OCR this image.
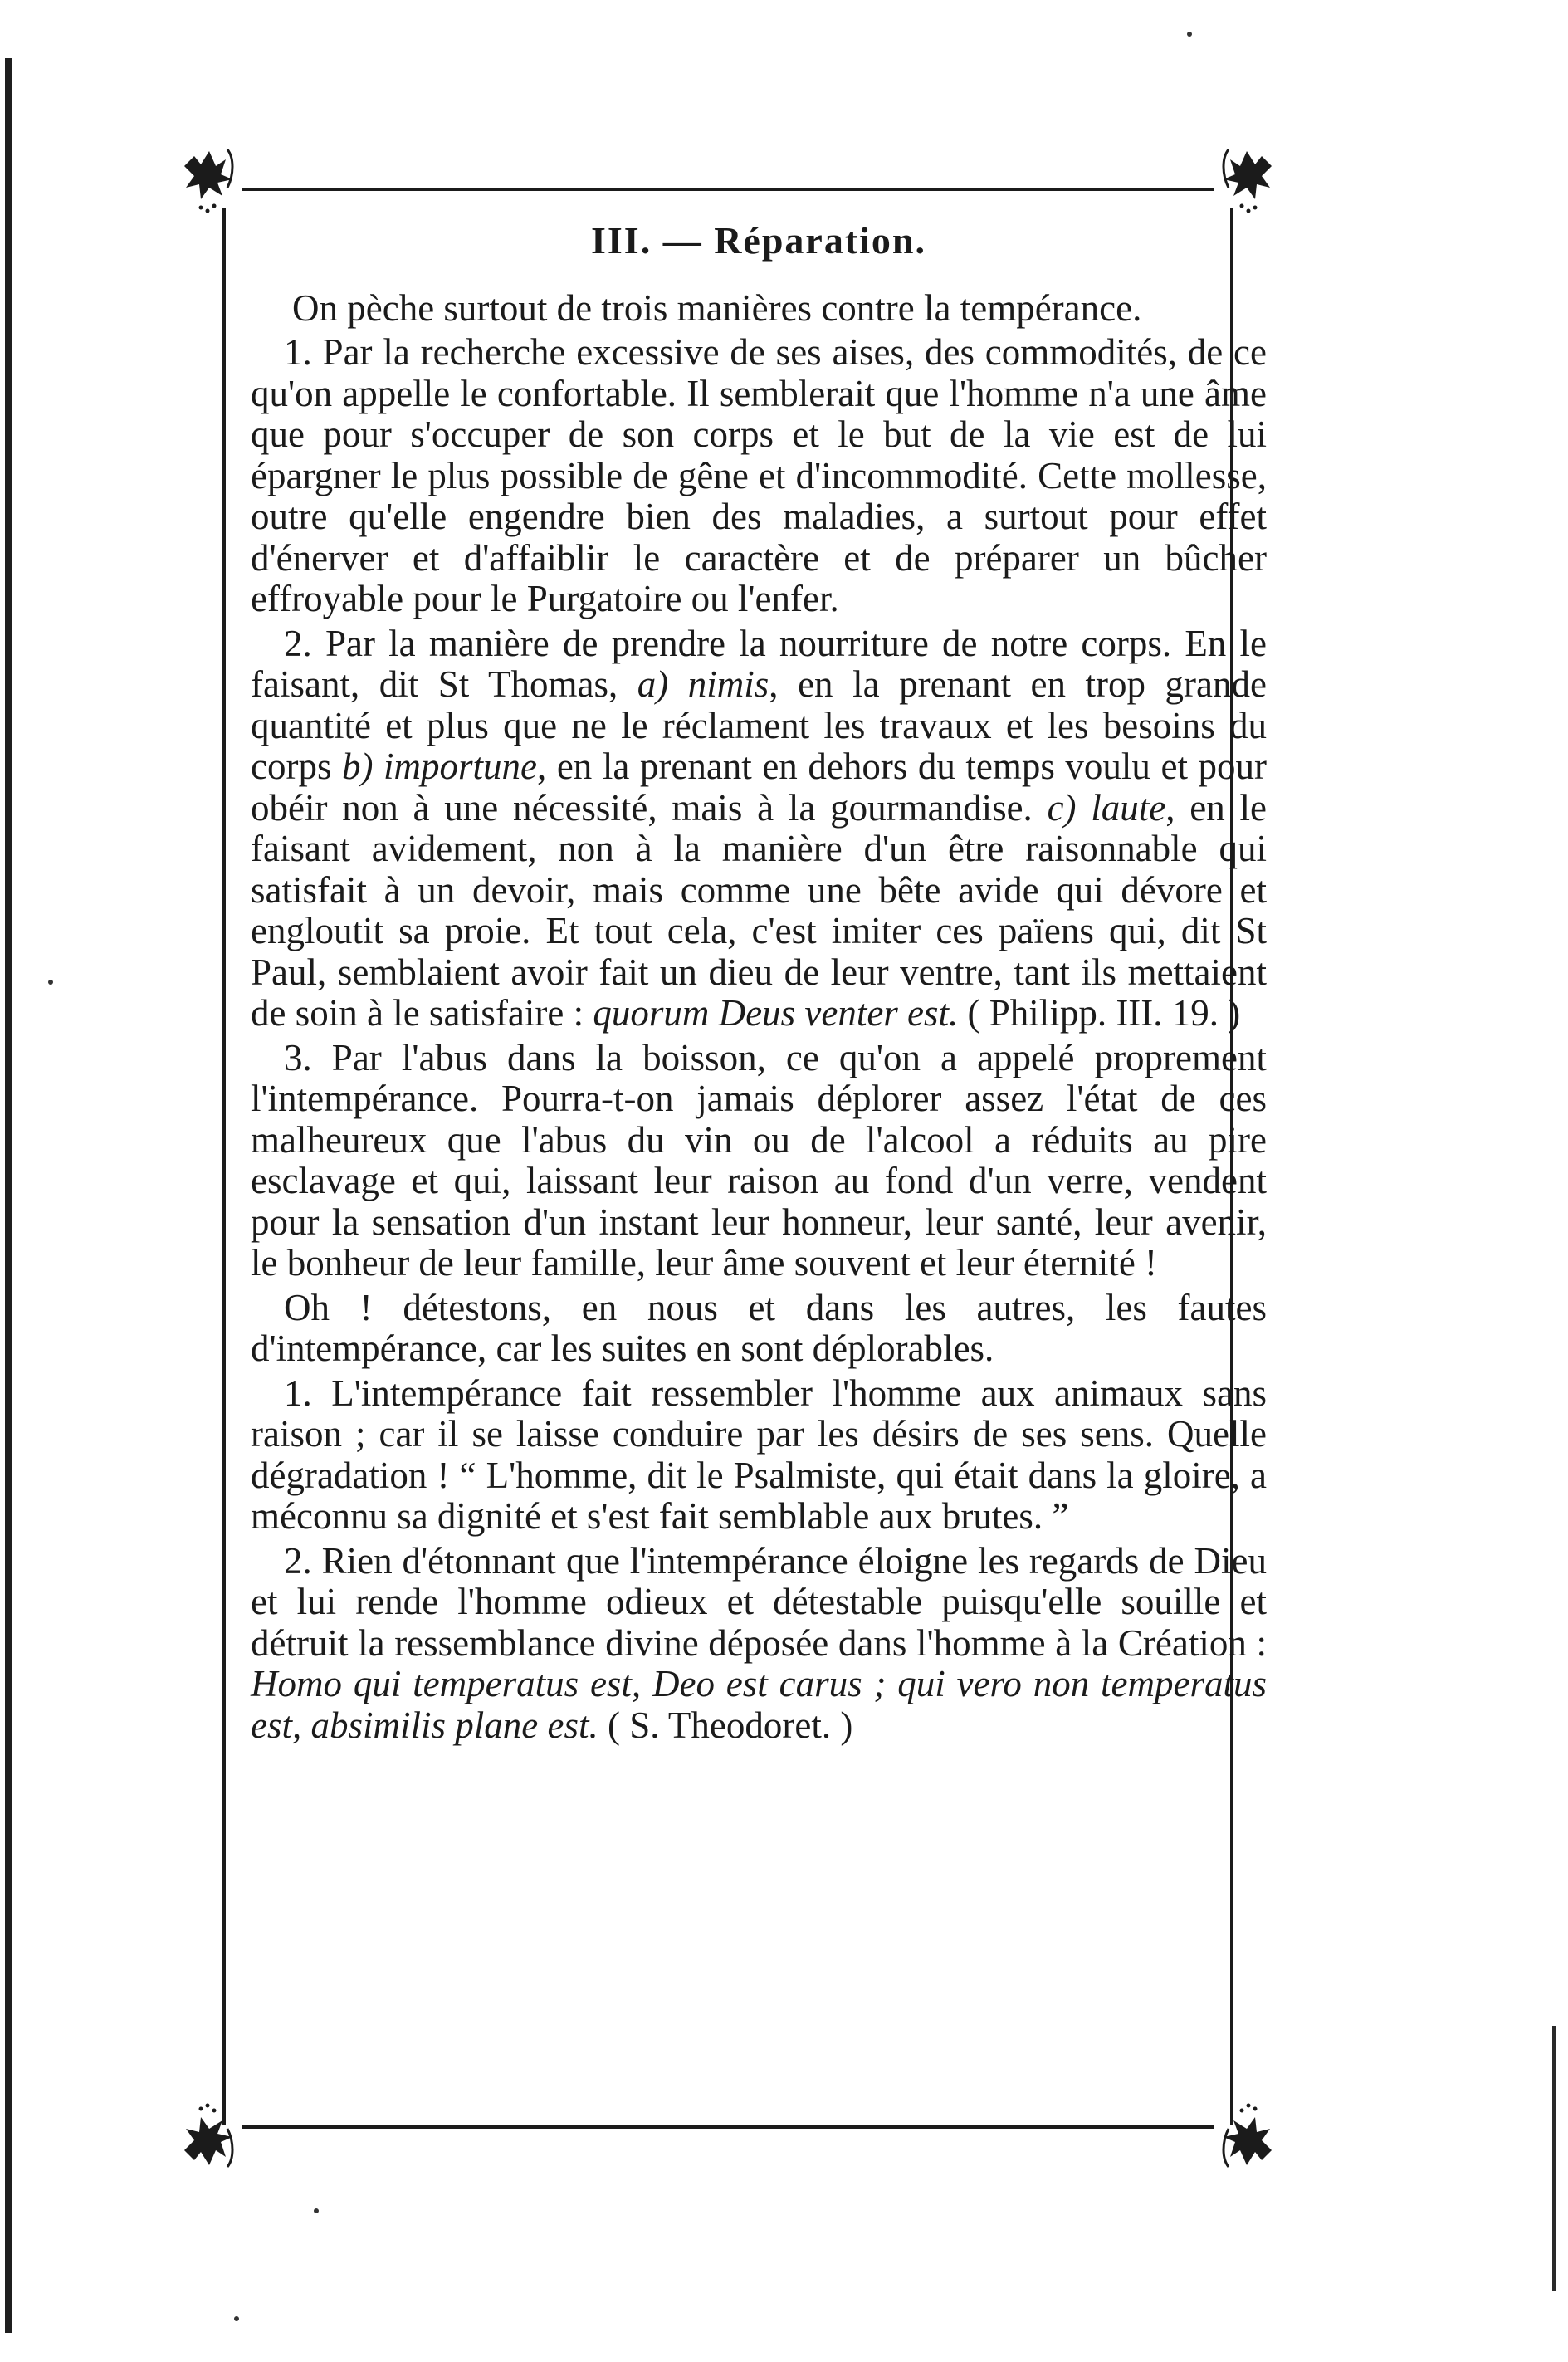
III. — Réparation.

On pèche surtout de trois manières contre la tempérance.

1. Par la recherche excessive de ses aises, des commodités, de ce qu'on appelle le confortable. Il semblerait que l'homme n'a une âme que pour s'occuper de son corps et le but de la vie est de lui épargner le plus possible de gêne et d'incommodité. Cette mollesse, outre qu'elle engendre bien des maladies, a surtout pour effet d'énerver et d'affaiblir le caractère et de préparer un bûcher effroyable pour le Purgatoire ou l'enfer.

2. Par la manière de prendre la nourriture de notre corps. En le faisant, dit St Thomas, a) nimis, en la prenant en trop grande quantité et plus que ne le réclament les travaux et les besoins du corps b) importune, en la prenant en dehors du temps voulu et pour obéir non à une nécessité, mais à la gourmandise. c) laute, en le faisant avidement, non à la manière d'un être raisonnable qui satisfait à un devoir, mais comme une bête avide qui dévore et engloutit sa proie. Et tout cela, c'est imiter ces païens qui, dit St Paul, semblaient avoir fait un dieu de leur ventre, tant ils mettaient de soin à le satisfaire : quorum Deus venter est. ( Philipp. III. 19. )

3. Par l'abus dans la boisson, ce qu'on a appelé proprement l'intempérance. Pourra-t-on jamais déplorer assez l'état de ces malheureux que l'abus du vin ou de l'alcool a réduits au pire esclavage et qui, laissant leur raison au fond d'un verre, vendent pour la sensation d'un instant leur honneur, leur santé, leur avenir, le bonheur de leur famille, leur âme souvent et leur éternité !

Oh ! détestons, en nous et dans les autres, les fautes d'intempérance, car les suites en sont déplorables.

1. L'intempérance fait ressembler l'homme aux animaux sans raison ; car il se laisse conduire par les désirs de ses sens. Quelle dégradation ! “ L'homme, dit le Psalmiste, qui était dans la gloire, a méconnu sa dignité et s'est fait semblable aux brutes. ”

2. Rien d'étonnant que l'intempérance éloigne les regards de Dieu et lui rende l'homme odieux et détestable puisqu'elle souille et détruit la ressemblance divine déposée dans l'homme à la Création : Homo qui temperatus est, Deo est carus ; qui vero non temperatus est, absimilis plane est. ( S. Theodoret. )
